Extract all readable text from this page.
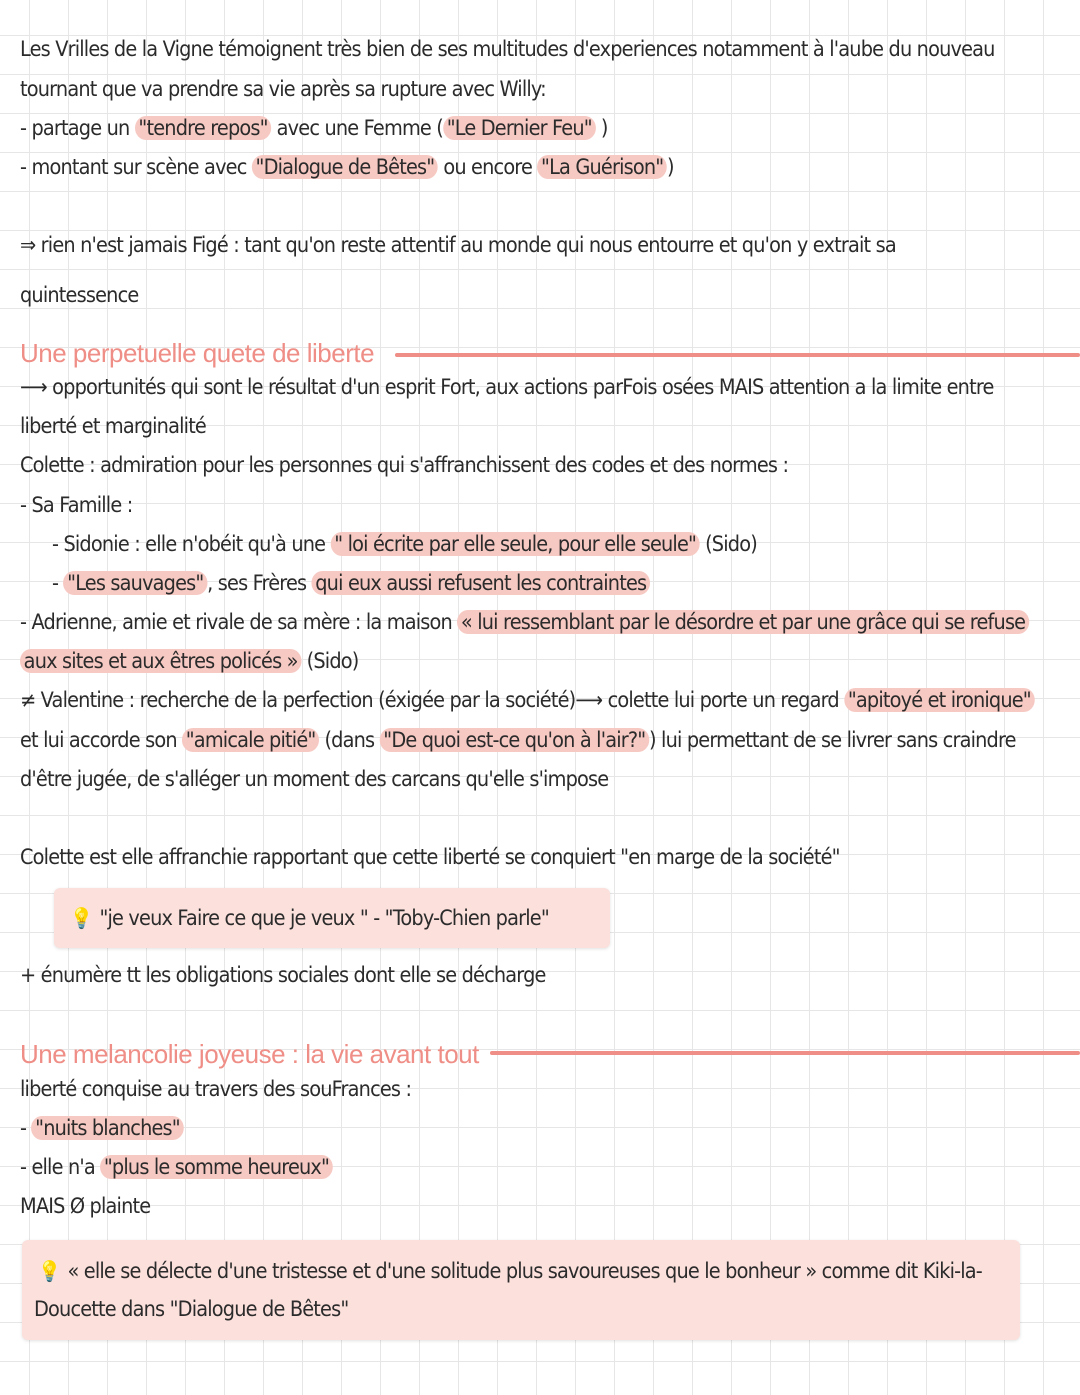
Les Vrilles de la Vigne témoignent très bien de ses multitudes d'experiences notamment à l'aube du nouveau
tournant que va prendre sa vie après sa rupture avec Willy:
- partage un "tendre repos" avec une Femme ( "Le Dernier Feu" )
- montant sur scène avec "Dialogue de Bêtes" ou encore "La Guérison" )
⇒ rien n'est jamais Figé : tant qu'on reste attentif au monde qui nous entourre et qu'on y extrait sa
quintessence
Une perpetuelle quete de liberte
⟶ opportunités qui sont le résultat d'un esprit Fort, aux actions parFois osées MAIS attention a la limite entre
liberté et marginalité
Colette : admiration pour les personnes qui s'affranchissent des codes et des normes :
- Sa Famille :
- Sidonie : elle n'obéit qu'à une " loi écrite par elle seule, pour elle seule" (Sido)
- "Les sauvages" , ses Frères qui eux aussi refusent les contraintes
- Adrienne, amie et rivale de sa mère : la maison « lui ressemblant par le désordre et par une grâce qui se refuse
aux sites et aux êtres policés » (Sido)
≠ Valentine : recherche de la perfection (éxigée par la société)⟶ colette lui porte un regard "apitoyé et ironique"
et lui accorde son "amicale pitié" (dans "De quoi est-ce qu'on à l'air?" ) lui permettant de se livrer sans craindre
d'être jugée, de s'alléger un moment des carcans qu'elle s'impose
Colette est elle affranchie rapportant que cette liberté se conquiert "en marge de la société"
💡 "je veux Faire ce que je veux " - "Toby-Chien parle"
+ énumère tt les obligations sociales dont elle se décharge
Une melancolie joyeuse : la vie avant tout
liberté conquise au travers des souFrances :
- "nuits blanches"
- elle n'a "plus le somme heureux"
MAIS Ø plainte
💡 « elle se délecte d'une tristesse et d'une solitude plus savoureuses que le bonheur » comme dit Kiki-la-
Doucette dans "Dialogue de Bêtes"
